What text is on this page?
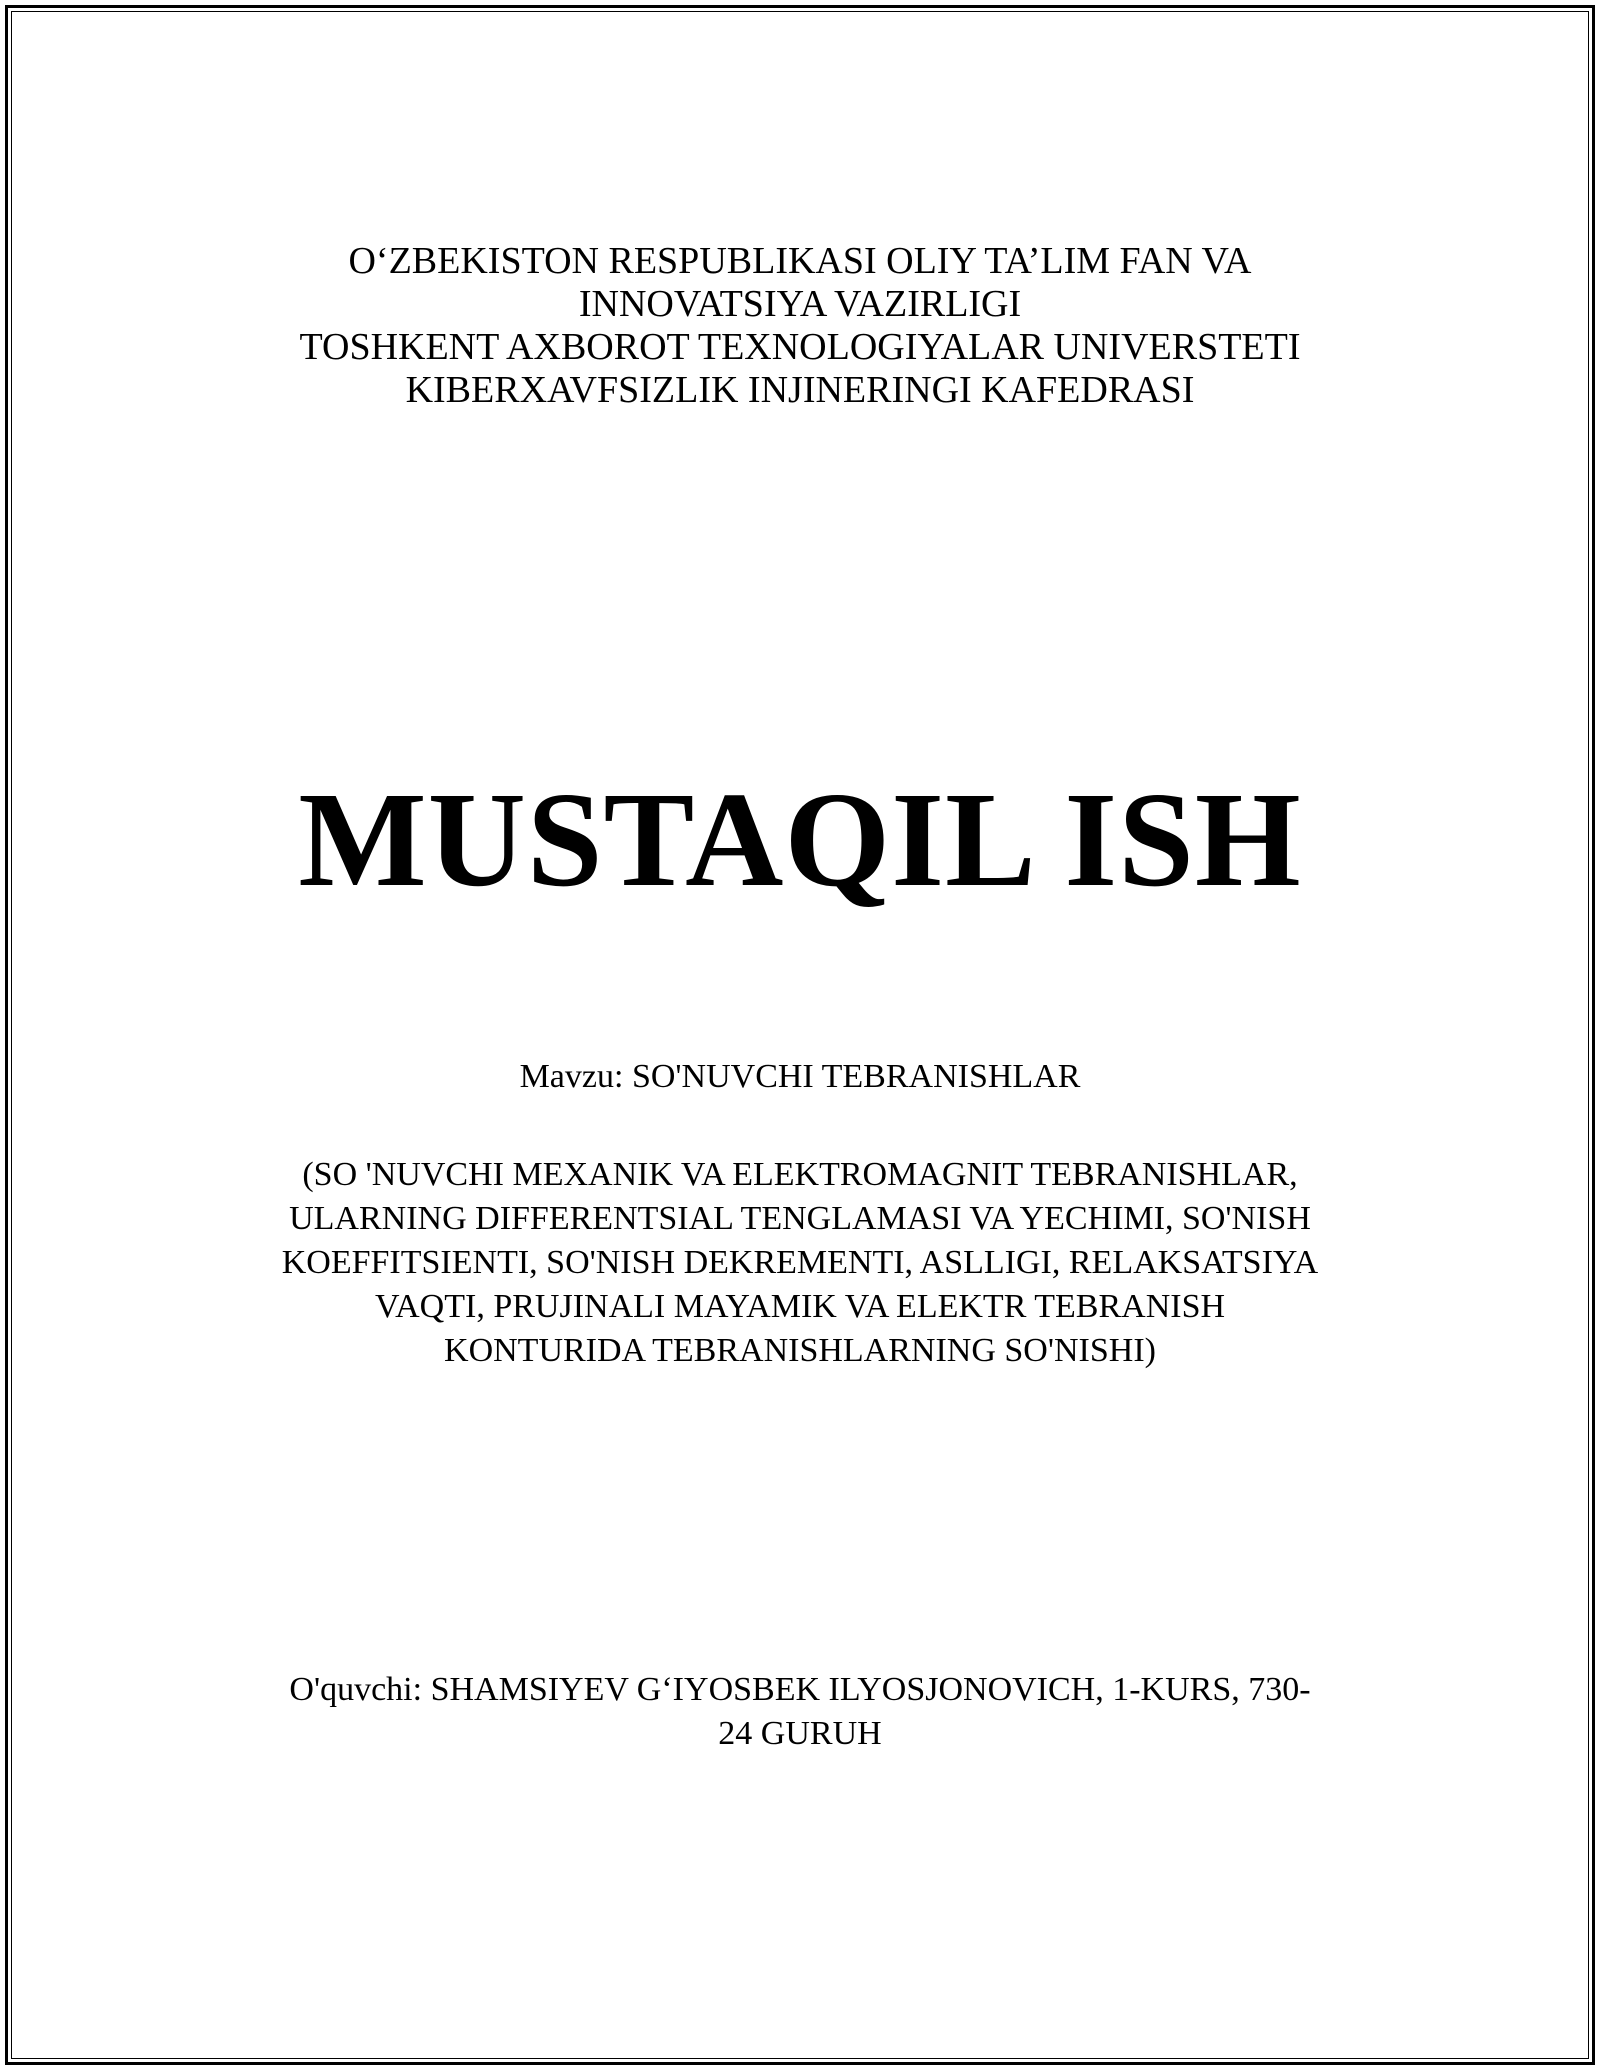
O‘ZBEKISTON RESPUBLIKASI OLIY TA’LIM FAN VA
INNOVATSIYA VAZIRLIGI
TOSHKENT AXBOROT TEXNOLOGIYALAR UNIVERSTETI
KIBERXAVFSIZLIK INJINERINGI KAFEDRASI
MUSTAQIL ISH
Mavzu: SO'NUVCHI TEBRANISHLAR
(SO 'NUVCHI MEXANIK VA ELEKTROMAGNIT TEBRANISHLAR,
ULARNING DIFFERENTSIAL TENGLAMASI VA YECHIMI, SO'NISH
KOEFFITSIENTI, SO'NISH DEKREMENTI, ASLLIGI, RELAKSATSIYA
VAQTI, PRUJINALI MAYAMIK VA ELEKTR TEBRANISH
KONTURIDA TEBRANISHLARNING SO'NISHI)
O'quvchi: SHAMSIYEV G‘IYOSBEK ILYOSJONOVICH, 1-KURS, 730-
24 GURUH
